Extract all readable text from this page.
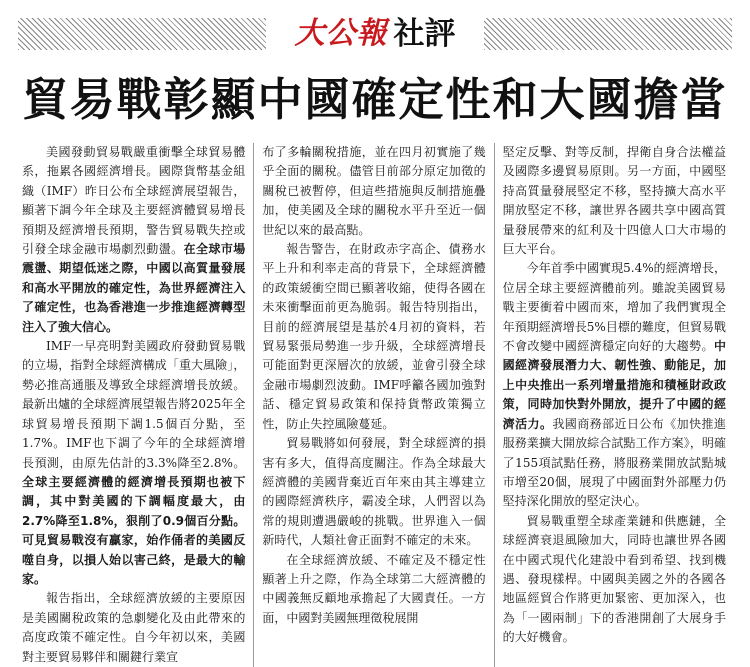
大公報 社評
貿易戰彰顯中國確定性和大國擔當

美國發動貿易戰嚴重衝擊全球貿易體系，拖累各國經濟增長。國際貨幣基金組織（IMF）昨日公布全球經濟展望報告，顯著下調今年全球及主要經濟體貿易增長預期及經濟增長預期，警告貿易戰失控或引發全球金融市場劇烈動盪。在全球市場震盪、期望低迷之際，中國以高質量發展和高水平開放的確定性，為世界經濟注入了確定性，也為香港進一步推進經濟轉型注入了強大信心。

IMF一早亮明對美國政府發動貿易戰的立場，指對全球經濟構成「重大風險」，勢必推高通脹及導致全球經濟增長放緩。最新出爐的全球經濟展望報告將2025年全球貿易增長預期下調1.5個百分點，至1.7%。IMF也下調了今年的全球經濟增長預測，由原先估計的3.3%降至2.8%。全球主要經濟體的經濟增長預期也被下調，其中對美國的下調幅度最大，由2.7%降至1.8%，狠削了0.9個百分點。可見貿易戰沒有贏家，始作俑者的美國反噬自身，以損人始以害己終，是最大的輸家。

報告指出，全球經濟放緩的主要原因是美國關稅政策的急劇變化及由此帶來的高度政策不確定性。自今年初以來，美國對主要貿易夥伴和關鍵行業宣

布了多輪關稅措施，並在四月初實施了幾乎全面的關稅。儘管目前部分原定加徵的關稅已被暫停，但這些措施與反制措施疊加，使美國及全球的關稅水平升至近一個世紀以來的最高點。

報告警告，在財政赤字高企、債務水平上升和利率走高的背景下，全球經濟體的政策緩衝空間已顯著收縮，使得各國在未來衝擊面前更為脆弱。報告特別指出，目前的經濟展望是基於4月初的資料，若貿易緊張局勢進一步升級，全球經濟增長可能面對更深層次的放緩，並會引發全球金融市場劇烈波動。IMF呼籲各國加強對話、穩定貿易政策和保持貨幣政策獨立性，防止失控風險蔓延。

貿易戰將如何發展，對全球經濟的損害有多大，值得高度關注。作為全球最大經濟體的美國背棄近百年來由其主導建立的國際經濟秩序，霸凌全球，人們習以為常的規則遭遇嚴峻的挑戰。世界進入一個新時代，人類社會正面對不確定的未來。

在全球經濟放緩、不確定及不穩定性顯著上升之際，作為全球第二大經濟體的中國義無反顧地承擔起了大國責任。一方面，中國對美國無理徵稅展開

堅定反擊、對等反制，捍衛自身合法權益及國際多邊貿易原則。另一方面，中國堅持高質量發展堅定不移，堅持擴大高水平開放堅定不移，讓世界各國共享中國高質量發展帶來的紅利及十四億人口大市場的巨大平台。

今年首季中國實現5.4%的經濟增長，位居全球主要經濟體前列。雖說美國貿易戰主要衝着中國而來，增加了我們實現全年預期經濟增長5%目標的難度，但貿易戰不會改變中國經濟穩定向好的大趨勢。中國經濟發展潛力大、韌性強、動能足，加上中央推出一系列增量措施和積極財政政策，同時加快對外開放，提升了中國的經濟活力。我國商務部近日公布《加快推進服務業擴大開放綜合試點工作方案》，明確了155項試點任務，將服務業開放試點城市增至20個，展現了中國面對外部壓力仍堅持深化開放的堅定決心。

貿易戰重塑全球產業鏈和供應鏈，全球經濟衰退風險加大，同時也讓世界各國在中國式現代化建設中看到希望、找到機遇、發現樣桿。中國與美國之外的各國各地區經貿合作將更加緊密、更加深入，也為「一國兩制」下的香港開創了大展身手的大好機會。
